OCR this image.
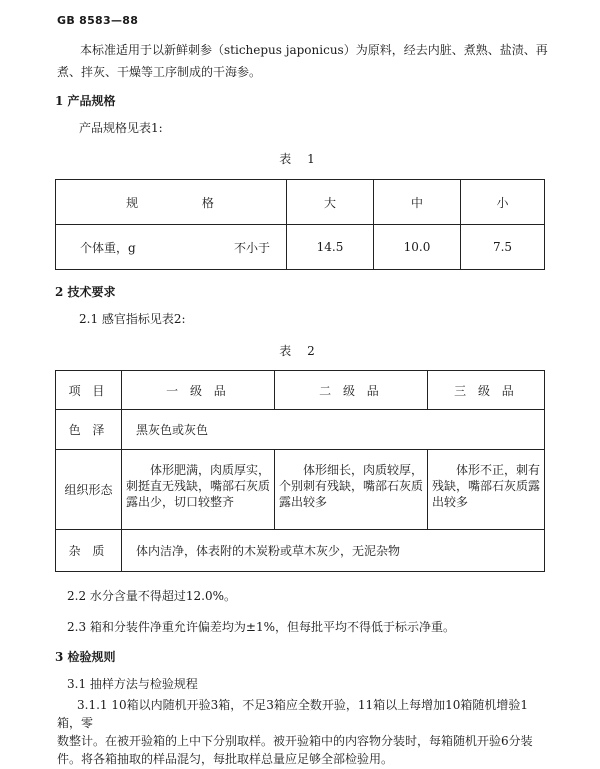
GB 8583—88
本标准适用于以新鲜刺参（stichepus japonicus）为原料，经去内脏、煮熟、盐渍、再
煮、拌灰、干燥等工序制成的干海参。
1 产品规格
产品规格见表1:
表 1
规 格	大	中	小

个体重，g 不小于	14.5	10.0	7.5
2 技术要求
2.1 感官指标见表2:
表 2
项 目	一 级 品	二 级 品	三 级 品
色 泽	黑灰色或灰色		
组织形态	体形肥满，肉质厚实，刺挺直无残缺，嘴部石灰质露出少，切口较整齐	体形细长，肉质较厚，个别刺有残缺，嘴部石灰质露出较多	体形不正，刺有残缺，嘴部石灰质露出较多
杂 质	体内洁净，体表附的木炭粉或草木灰少，无泥杂物		
2.2 水分含量不得超过12.0%。
2.3 箱和分装件净重允许偏差均为±1%，但每批平均不得低于标示净重。
3 检验规则
3.1 抽样方法与检验规程
3.1.1 10箱以内随机开验3箱，不足3箱应全数开验，11箱以上每增加10箱随机增验1箱，零
数整计。在被开验箱的上中下分别取样。被开验箱中的内容物分装时，每箱随机开验6分装
件。将各箱抽取的样品混匀，每批取样总量应足够全部检验用。
